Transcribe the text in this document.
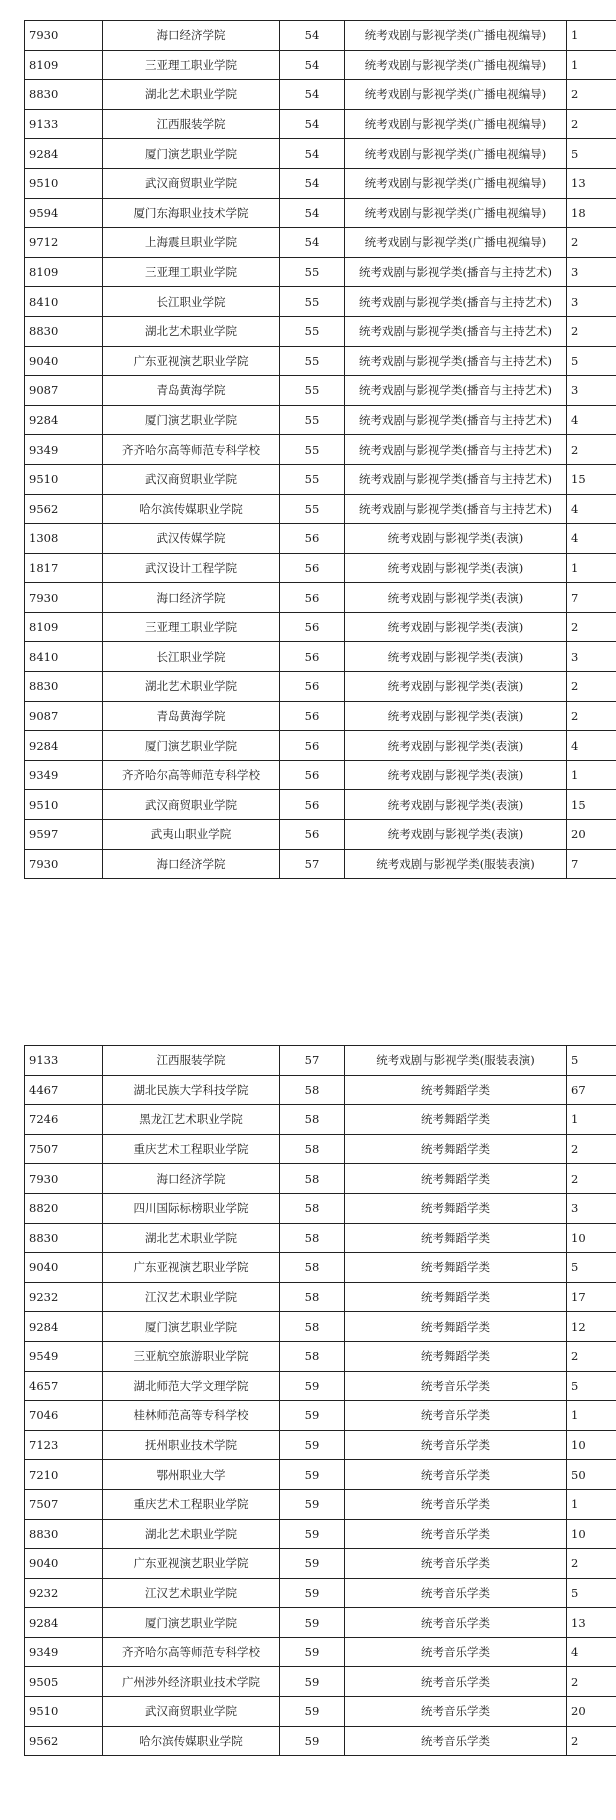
7930	海口经济学院	54	统考戏剧与影视学类(广播电视编导)	1
8109	三亚理工职业学院	54	统考戏剧与影视学类(广播电视编导)	1
8830	湖北艺术职业学院	54	统考戏剧与影视学类(广播电视编导)	2
9133	江西服装学院	54	统考戏剧与影视学类(广播电视编导)	2
9284	厦门演艺职业学院	54	统考戏剧与影视学类(广播电视编导)	5
9510	武汉商贸职业学院	54	统考戏剧与影视学类(广播电视编导)	13
9594	厦门东海职业技术学院	54	统考戏剧与影视学类(广播电视编导)	18
9712	上海震旦职业学院	54	统考戏剧与影视学类(广播电视编导)	2
8109	三亚理工职业学院	55	统考戏剧与影视学类(播音与主持艺术)	3
8410	长江职业学院	55	统考戏剧与影视学类(播音与主持艺术)	3
8830	湖北艺术职业学院	55	统考戏剧与影视学类(播音与主持艺术)	2
9040	广东亚视演艺职业学院	55	统考戏剧与影视学类(播音与主持艺术)	5
9087	青岛黄海学院	55	统考戏剧与影视学类(播音与主持艺术)	3
9284	厦门演艺职业学院	55	统考戏剧与影视学类(播音与主持艺术)	4
9349	齐齐哈尔高等师范专科学校	55	统考戏剧与影视学类(播音与主持艺术)	2
9510	武汉商贸职业学院	55	统考戏剧与影视学类(播音与主持艺术)	15
9562	哈尔滨传媒职业学院	55	统考戏剧与影视学类(播音与主持艺术)	4
1308	武汉传媒学院	56	统考戏剧与影视学类(表演)	4
1817	武汉设计工程学院	56	统考戏剧与影视学类(表演)	1
7930	海口经济学院	56	统考戏剧与影视学类(表演)	7
8109	三亚理工职业学院	56	统考戏剧与影视学类(表演)	2
8410	长江职业学院	56	统考戏剧与影视学类(表演)	3
8830	湖北艺术职业学院	56	统考戏剧与影视学类(表演)	2
9087	青岛黄海学院	56	统考戏剧与影视学类(表演)	2
9284	厦门演艺职业学院	56	统考戏剧与影视学类(表演)	4
9349	齐齐哈尔高等师范专科学校	56	统考戏剧与影视学类(表演)	1
9510	武汉商贸职业学院	56	统考戏剧与影视学类(表演)	15
9597	武夷山职业学院	56	统考戏剧与影视学类(表演)	20
7930	海口经济学院	57	统考戏剧与影视学类(服装表演)	7
9133	江西服装学院	57	统考戏剧与影视学类(服装表演)	5
4467	湖北民族大学科技学院	58	统考舞蹈学类	67
7246	黑龙江艺术职业学院	58	统考舞蹈学类	1
7507	重庆艺术工程职业学院	58	统考舞蹈学类	2
7930	海口经济学院	58	统考舞蹈学类	2
8820	四川国际标榜职业学院	58	统考舞蹈学类	3
8830	湖北艺术职业学院	58	统考舞蹈学类	10
9040	广东亚视演艺职业学院	58	统考舞蹈学类	5
9232	江汉艺术职业学院	58	统考舞蹈学类	17
9284	厦门演艺职业学院	58	统考舞蹈学类	12
9549	三亚航空旅游职业学院	58	统考舞蹈学类	2
4657	湖北师范大学文理学院	59	统考音乐学类	5
7046	桂林师范高等专科学校	59	统考音乐学类	1
7123	抚州职业技术学院	59	统考音乐学类	10
7210	鄂州职业大学	59	统考音乐学类	50
7507	重庆艺术工程职业学院	59	统考音乐学类	1
8830	湖北艺术职业学院	59	统考音乐学类	10
9040	广东亚视演艺职业学院	59	统考音乐学类	2
9232	江汉艺术职业学院	59	统考音乐学类	5
9284	厦门演艺职业学院	59	统考音乐学类	13
9349	齐齐哈尔高等师范专科学校	59	统考音乐学类	4
9505	广州涉外经济职业技术学院	59	统考音乐学类	2
9510	武汉商贸职业学院	59	统考音乐学类	20
9562	哈尔滨传媒职业学院	59	统考音乐学类	2
